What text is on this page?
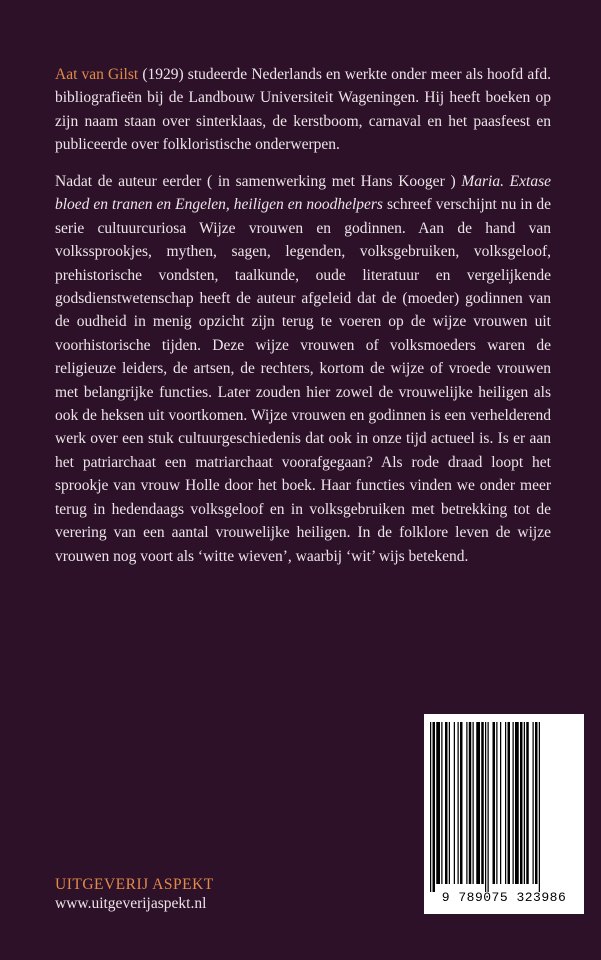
Aat van Gilst (1929) studeerde Nederlands en werkte onder meer als hoofd afd. bibliografieën bij de Landbouw Universiteit Wageningen. Hij heeft boeken op zijn naam staan over sinterklaas, de kerstboom, carnaval en het paasfeest en publiceerde over folkloristische onderwerpen.

Nadat de auteur eerder ( in samenwerking met Hans Kooger ) Maria. Extase bloed en tranen en Engelen, heiligen en noodhelpers schreef verschijnt nu in de serie cultuurcuriosa Wijze vrouwen en godinnen. Aan de hand van volkssprookjes, mythen, sagen, legenden, volksgebruiken, volksgeloof, prehistorische vondsten, taalkunde, oude literatuur en vergelijkende godsdienstwetenschap heeft de auteur afgeleid dat de (moeder) godinnen van de oudheid in menig opzicht zijn terug te voeren op de wijze vrouwen uit voorhistorische tijden. Deze wijze vrouwen of volksmoeders waren de religieuze leiders, de artsen, de rechters, kortom de wijze of vroede vrouwen met belangrijke functies. Later zouden hier zowel de vrouwelijke heiligen als ook de heksen uit voortkomen. Wijze vrouwen en godinnen is een verhelderend werk over een stuk cultuurgeschiedenis dat ook in onze tijd actueel is. Is er aan het patriarchaat een matriarchaat voorafgegaan? Als rode draad loopt het sprookje van vrouw Holle door het boek. Haar functies vinden we onder meer terug in hedendaags volksgeloof en in volksgebruiken met betrekking tot de verering van een aantal vrouwelijke heiligen. In de folklore leven de wijze vrouwen nog voort als ‘witte wieven’, waarbij ‘wit’ wijs betekend.

UITGEVERIJ ASPEKT
www.uitgeverijaspekt.nl	9 789075 323986
